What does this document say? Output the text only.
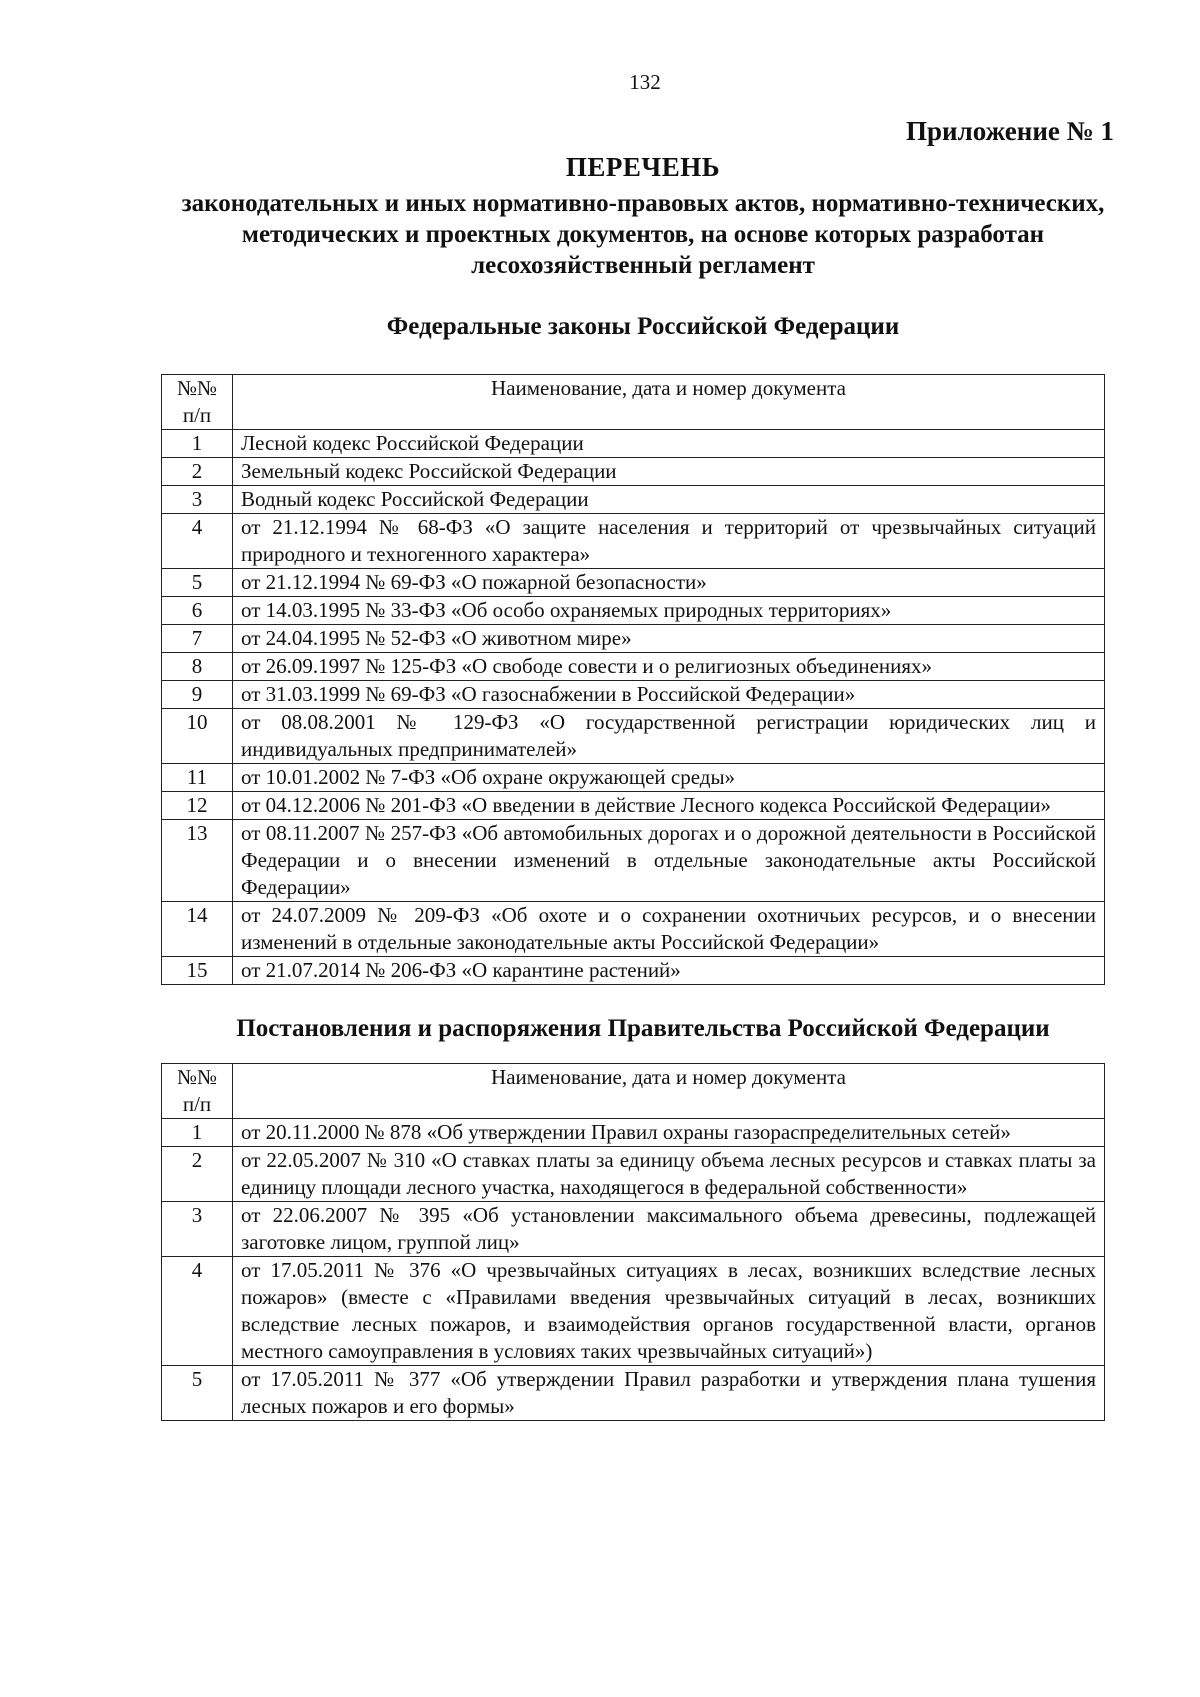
132
Приложение № 1
ПЕРЕЧЕНЬ
законодательных и иных нормативно-правовых актов, нормативно-технических, методических и проектных документов, на основе которых разработан лесохозяйственный регламент
Федеральные законы Российской Федерации
№№ п/п	Наименование, дата и номер документа
1	Лесной кодекс Российской Федерации
2	Земельный кодекс Российской Федерации
3	Водный кодекс Российской Федерации
4	от 21.12.1994 № 68-ФЗ «О защите населения и территорий от чрезвычайных ситуаций природного и техногенного характера»
5	от 21.12.1994 № 69-ФЗ «О пожарной безопасности»
6	от 14.03.1995 № 33-ФЗ «Об особо охраняемых природных территориях»
7	от 24.04.1995 № 52-ФЗ «О животном мире»
8	от 26.09.1997 № 125-ФЗ «О свободе совести и о религиозных объединениях»
9	от 31.03.1999 № 69-ФЗ «О газоснабжении в Российской Федерации»
10	от 08.08.2001 № 129-ФЗ «О государственной регистрации юридических лиц и индивидуальных предпринимателей»
11	от 10.01.2002 № 7-ФЗ «Об охране окружающей среды»
12	от 04.12.2006 № 201-ФЗ «О введении в действие Лесного кодекса Российской Федерации»
13	от 08.11.2007 № 257-ФЗ «Об автомобильных дорогах и о дорожной деятельности в Российской Федерации и о внесении изменений в отдельные законодательные акты Российской Федерации»
14	от 24.07.2009 № 209-ФЗ «Об охоте и о сохранении охотничьих ресурсов, и о внесении изменений в отдельные законодательные акты Российской Федерации»
15	от 21.07.2014 № 206-ФЗ «О карантине растений»
Постановления и распоряжения Правительства Российской Федерации
№№ п/п	Наименование, дата и номер документа
1	от 20.11.2000 № 878 «Об утверждении Правил охраны газораспределительных сетей»
2	от 22.05.2007 № 310 «О ставках платы за единицу объема лесных ресурсов и ставках платы за единицу площади лесного участка, находящегося в федеральной собственности»
3	от 22.06.2007 № 395 «Об установлении максимального объема древесины, подлежащей заготовке лицом, группой лиц»
4	от 17.05.2011 № 376 «О чрезвычайных ситуациях в лесах, возникших вследствие лесных пожаров» (вместе с «Правилами введения чрезвычайных ситуаций в лесах, возникших вследствие лесных пожаров, и взаимодействия органов государственной власти, органов местного самоуправления в условиях таких чрезвычайных ситуаций»)
5	от 17.05.2011 № 377 «Об утверждении Правил разработки и утверждения плана тушения лесных пожаров и его формы»
